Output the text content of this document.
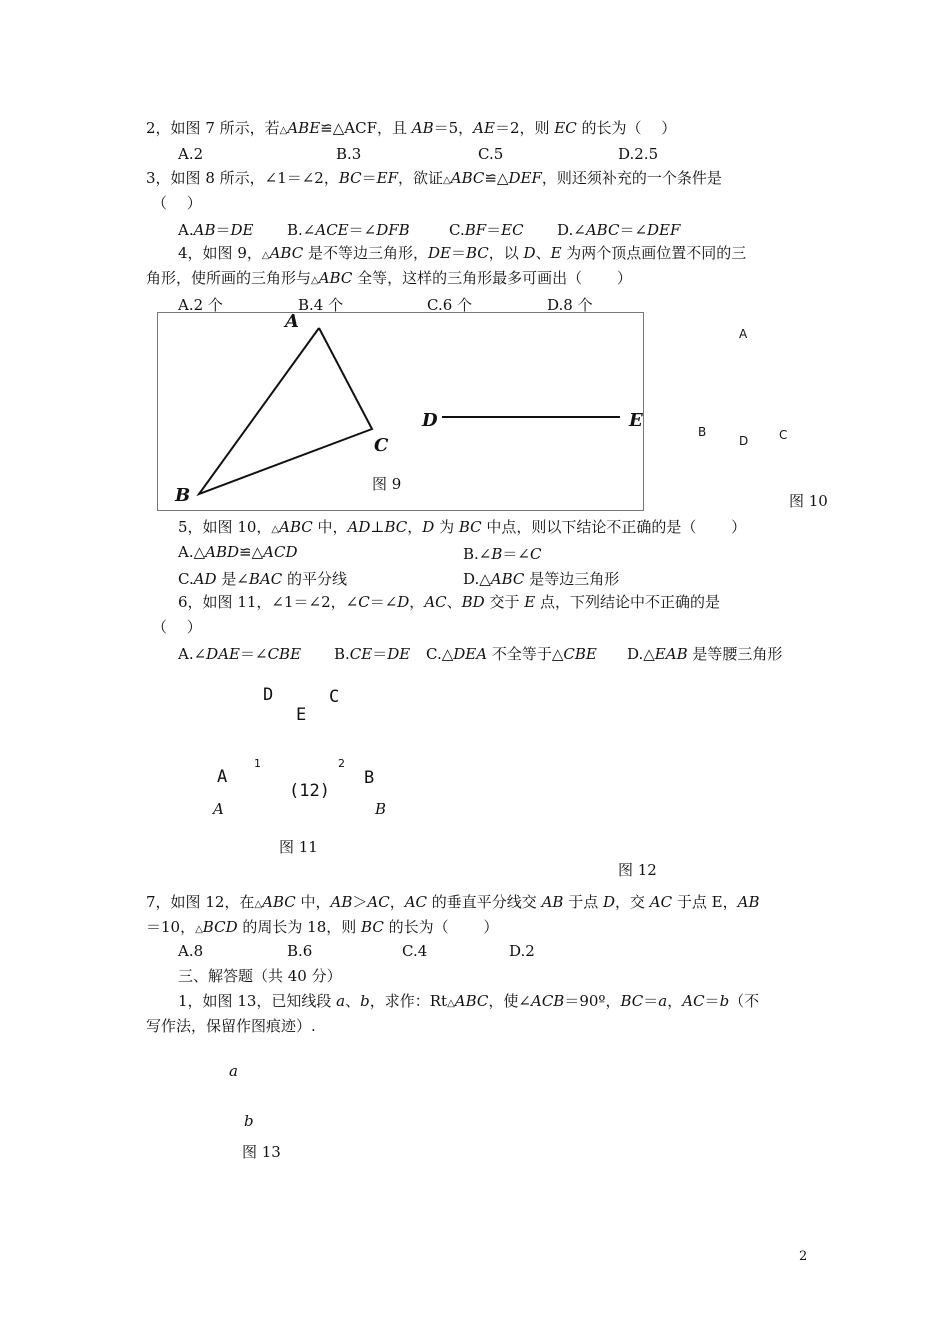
2，如图 7 所示，若△ABE≌△ACF，且 AB＝5，AE＝2，则 EC 的长为（　 ）
A.2	B.3	C.5	D.2.5
3，如图 8 所示，∠1＝∠2，BC＝EF，欲证△ABC≌△DEF，则还须补充的一个条件是
（　 ）
A.AB＝DE B.∠ACE＝∠DFB	C.BF＝EC D.∠ABC＝∠DEF
4，如图 9，△ABC 是不等边三角形，DE＝BC，以 D、E 为两个顶点画位置不同的三
角形，使所画的三角形与△ABC 全等，这样的三角形最多可画出（　　 ）
A.2 个	B.4 个	C.6 个	D.8 个
A
C
B
D	E
图 9
A
B
D	C
图 10
5，如图 10，△ABC 中，AD⊥BC，D 为 BC 中点，则以下结论不正确的是（　　 ）
A.△ABD≌△ACD	B.∠B＝∠C
C.AD 是∠BAC 的平分线	D.△ABC 是等边三角形
6，如图 11，∠1＝∠2，∠C＝∠D，AC、BD 交于 E 点，下列结论中不正确的是
（　 ）
A.∠DAE＝∠CBE B.CE＝DE C.△DEA 不全等于△CBE D.△EAB 是等腰三角形
D	C
E
1	2
A
(12)
B
A	B
图 11
图 12
7，如图 12，在△ABC 中，AB＞AC，AC 的垂直平分线交 AB 于点 D，交 AC 于点 E，AB
＝10，△BCD 的周长为 18，则 BC 的长为（　　 ）
A.8	B.6	C.4	D.2
三、解答题（共 40 分）
1，如图 13，已知线段 a、b，求作：Rt△ABC，使∠ACB＝90º，BC＝a，AC＝b（不
写作法，保留作图痕迹）.
a
b
图 13
2
